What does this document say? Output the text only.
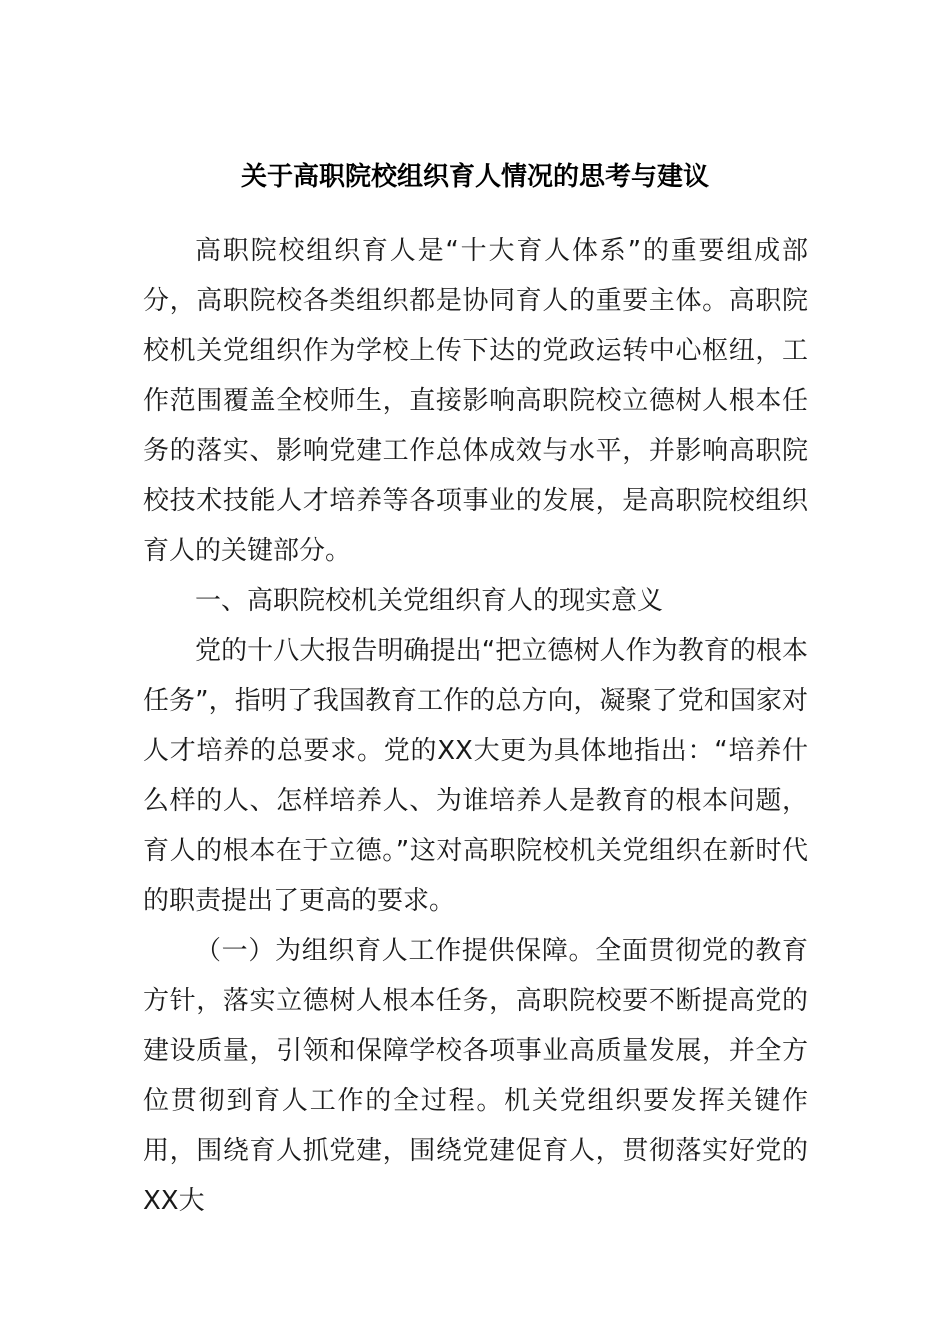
关于高职院校组织育人情况的思考与建议

高职院校组织育人是“十大育人体系”的重要组成部分，高职院校各类组织都是协同育人的重要主体。高职院校机关党组织作为学校上传下达的党政运转中心枢纽，工作范围覆盖全校师生，直接影响高职院校立德树人根本任务的落实、影响党建工作总体成效与水平，并影响高职院校技术技能人才培养等各项事业的发展，是高职院校组织育人的关键部分。

一、高职院校机关党组织育人的现实意义

党的十八大报告明确提出“把立德树人作为教育的根本任务”，指明了我国教育工作的总方向，凝聚了党和国家对人才培养的总要求。党的XX大更为具体地指出：“培养什么样的人、怎样培养人、为谁培养人是教育的根本问题，育人的根本在于立德。”这对高职院校机关党组织在新时代的职责提出了更高的要求。

（一）为组织育人工作提供保障。全面贯彻党的教育方针，落实立德树人根本任务，高职院校要不断提高党的建设质量，引领和保障学校各项事业高质量发展，并全方位贯彻到育人工作的全过程。机关党组织要发挥关键作用，围绕育人抓党建，围绕党建促育人，贯彻落实好党的XX大
